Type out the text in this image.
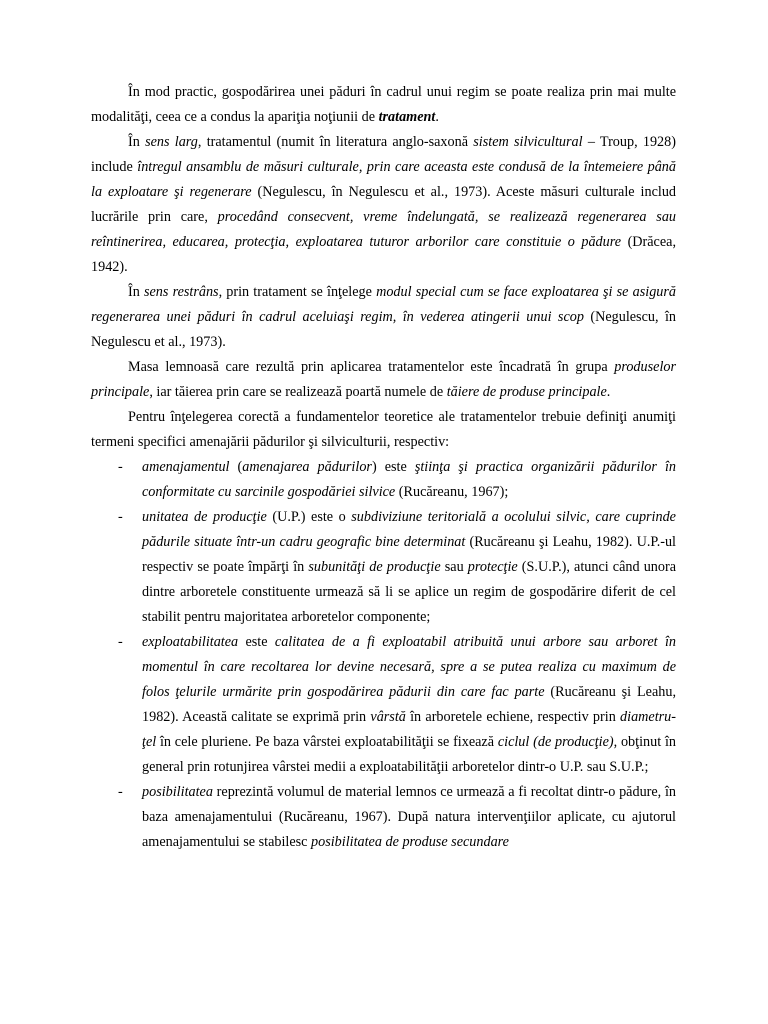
În mod practic, gospodărirea unei păduri în cadrul unui regim se poate realiza prin mai multe modalităţi, ceea ce a condus la apariţia noţiunii de tratament.

În sens larg, tratamentul (numit în literatura anglo-saxonă sistem silvicultural – Troup, 1928) include întregul ansamblu de măsuri culturale, prin care aceasta este condusă de la întemeiere până la exploatare şi regenerare (Negulescu, în Negulescu et al., 1973). Aceste măsuri culturale includ lucrările prin care, procedând consecvent, vreme îndelungată, se realizează regenerarea sau reîntinerirea, educarea, protecţia, exploatarea tuturor arborilor care constituie o pădure (Drăcea, 1942).

În sens restrâns, prin tratament se înţelege modul special cum se face exploatarea şi se asigură regenerarea unei păduri în cadrul aceluiaşi regim, în vederea atingerii unui scop (Negulescu, în Negulescu et al., 1973).

Masa lemnoasă care rezultă prin aplicarea tratamentelor este încadrată în grupa produselor principale, iar tăierea prin care se realizează poartă numele de tăiere de produse principale.

Pentru înţelegerea corectă a fundamentelor teoretice ale tratamentelor trebuie definiţi anumiţi termeni specifici amenajării pădurilor şi silviculturii, respectiv:

- amenajamentul (amenajarea pădurilor) este ştiinţa şi practica organizării pădurilor în conformitate cu sarcinile gospodăriei silvice (Rucăreanu, 1967);
- unitatea de producţie (U.P.) este o subdiviziune teritorială a ocolului silvic, care cuprinde pădurile situate într-un cadru geografic bine determinat (Rucăreanu şi Leahu, 1982). U.P.-ul respectiv se poate împărţi în subunităţi de producţie sau protecţie (S.U.P.), atunci când unora dintre arboretele constituente urmează să li se aplice un regim de gospodărire diferit de cel stabilit pentru majoritatea arboretelor componente;
- exploatabilitatea este calitatea de a fi exploatabil atribuită unui arbore sau arboret în momentul în care recoltarea lor devine necesară, spre a se putea realiza cu maximum de folos ţelurile urmărite prin gospodărirea pădurii din care fac parte (Rucăreanu şi Leahu, 1982). Această calitate se exprimă prin vârstă în arboretele echiene, respectiv prin diametru-ţel în cele pluriene. Pe baza vârstei exploatabilităţii se fixează ciclul (de producţie), obţinut în general prin rotunjirea vârstei medii a exploatabilităţii arboretelor dintr-o U.P. sau S.U.P.;
- posibilitatea reprezintă volumul de material lemnos ce urmează a fi recoltat dintr-o pădure, în baza amenajamentului (Rucăreanu, 1967). După natura intervenţiilor aplicate, cu ajutorul amenajamentului se stabilesc posibilitatea de produse secundare
